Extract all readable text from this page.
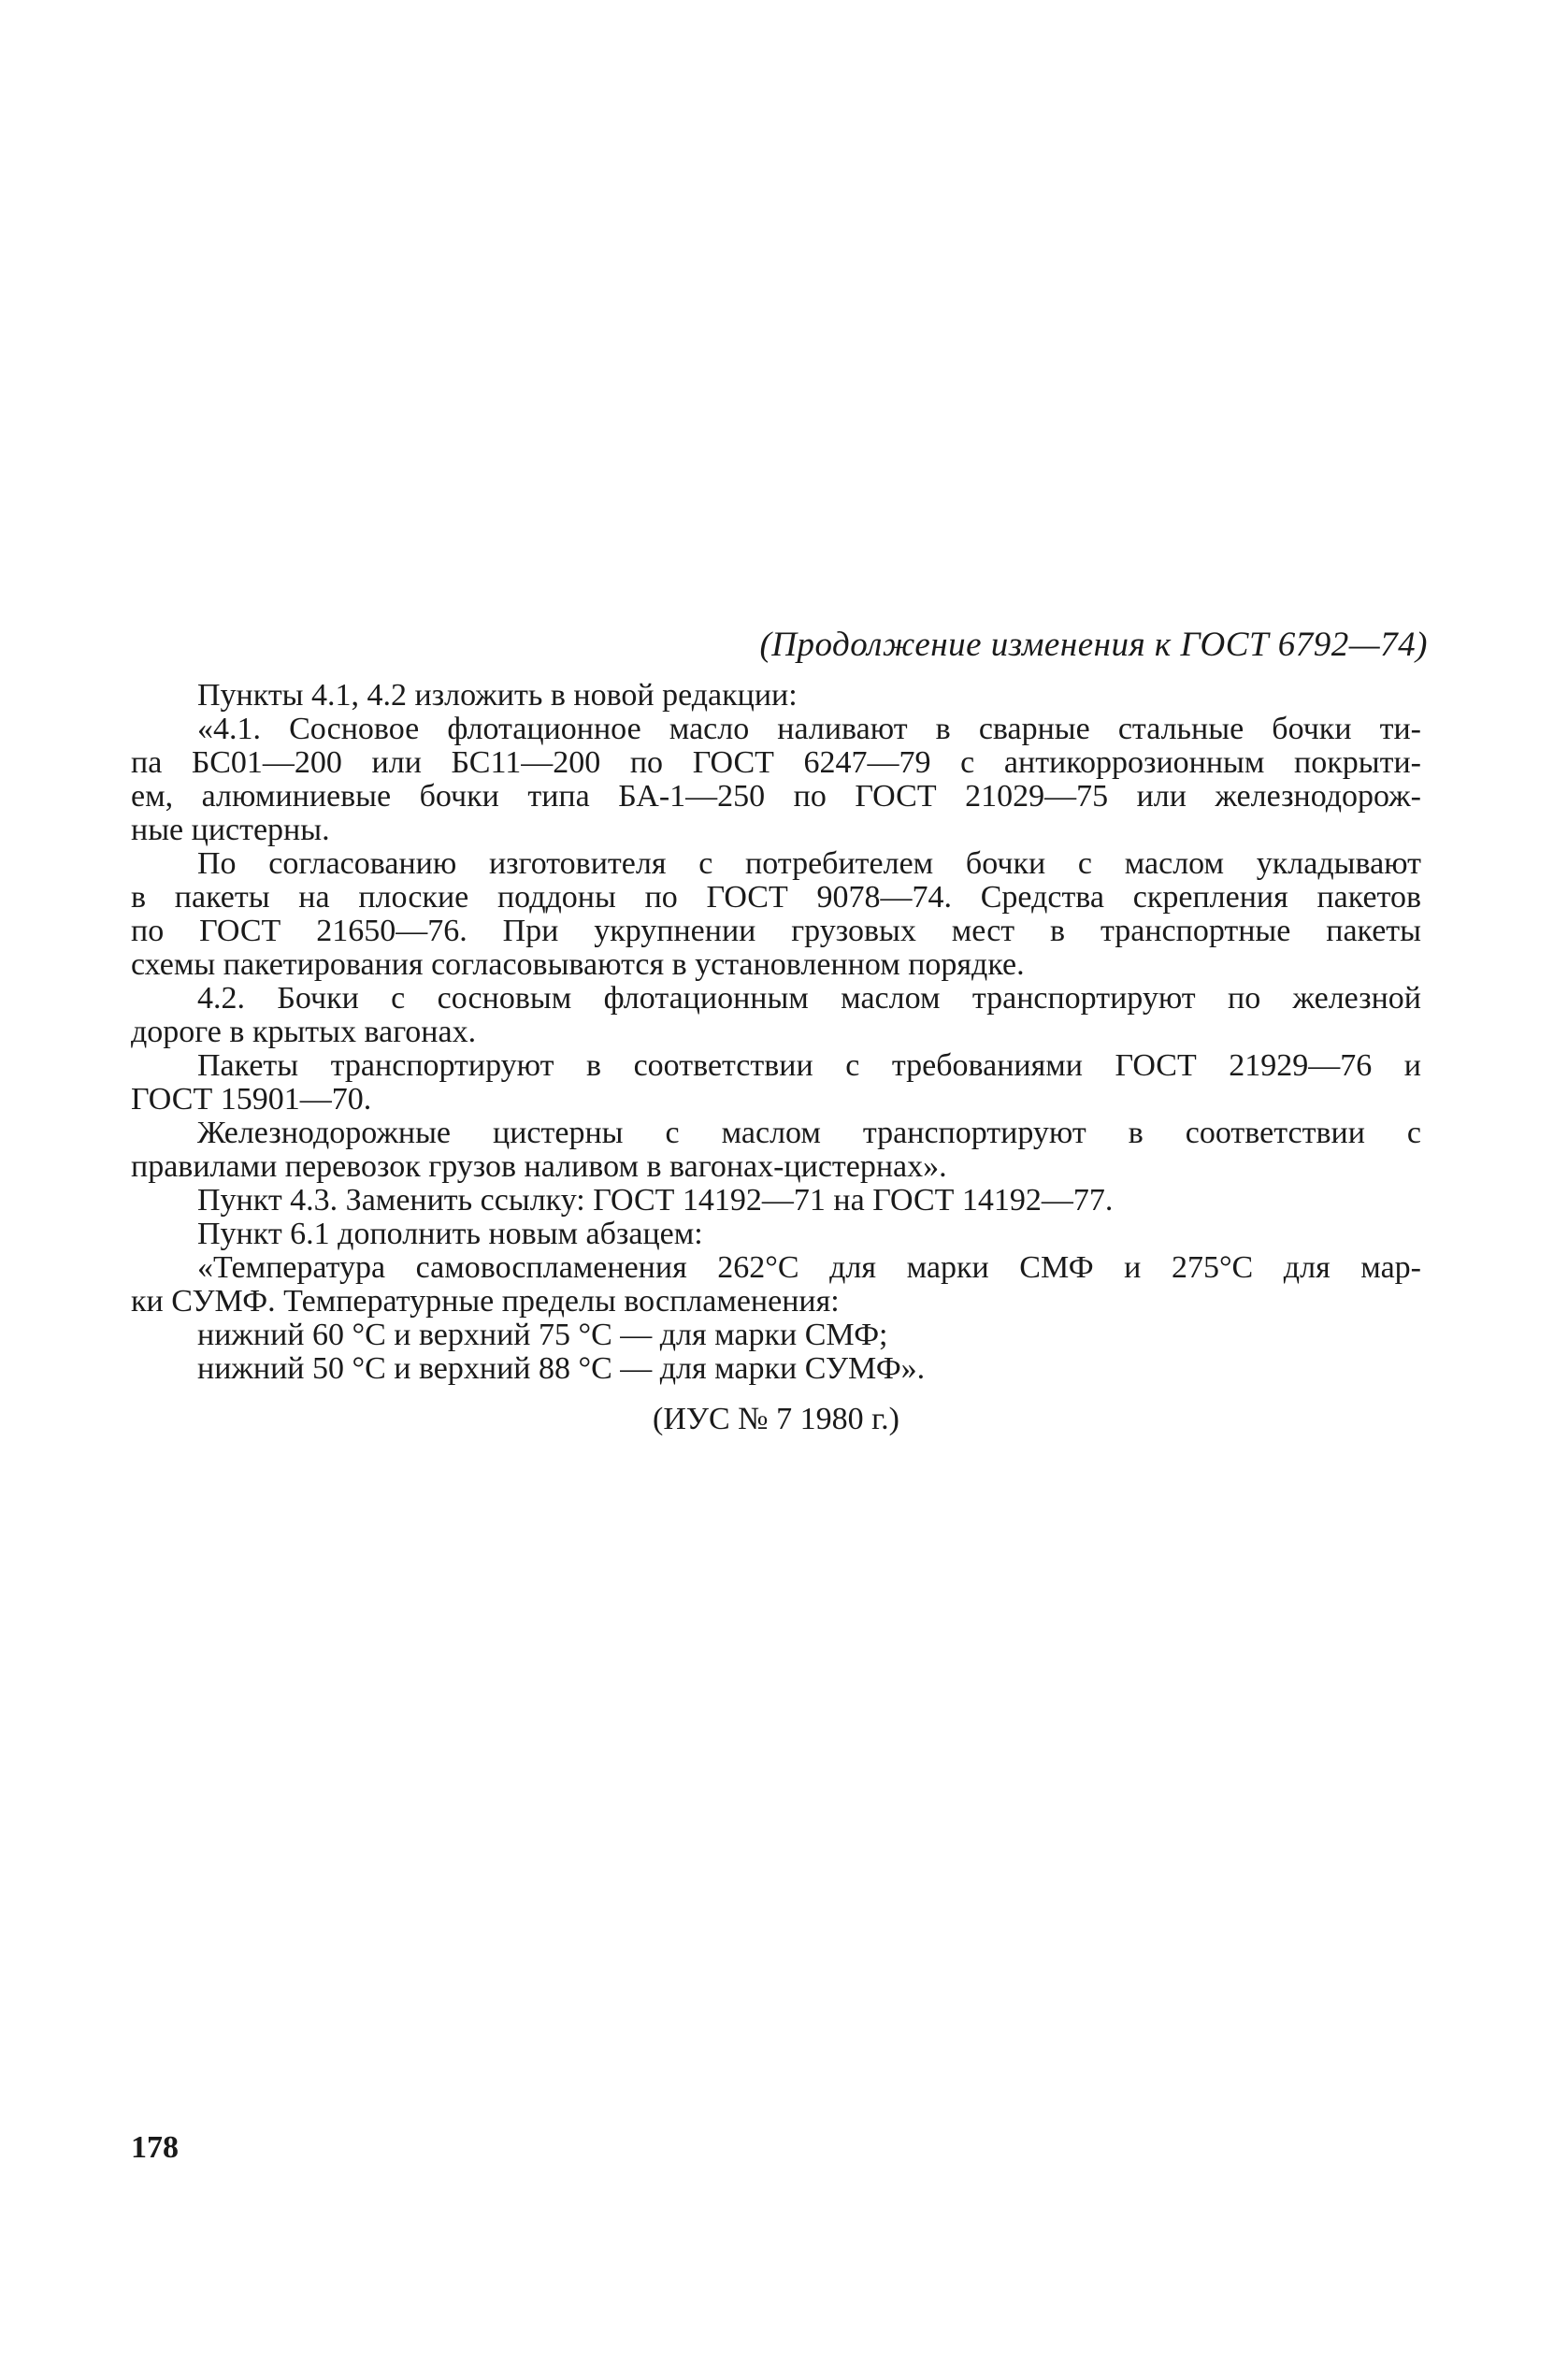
(Продолжение изменения к ГОСТ 6792—74)
Пункты 4.1, 4.2 изложить в новой редакции:
«4.1. Сосновое флотационное масло наливают в сварные стальные бочки ти-
па БС01—200 или БС11—200 по ГОСТ 6247—79 с антикоррозионным покрыти-
ем, алюминиевые бочки типа БА-1—250 по ГОСТ 21029—75 или железнодорож-
ные цистерны.
По согласованию изготовителя с потребителем бочки с маслом укладывают
в пакеты на плоские поддоны по ГОСТ 9078—74. Средства скрепления пакетов
по ГОСТ 21650—76. При укрупнении грузовых мест в транспортные пакеты
схемы пакетирования согласовываются в установленном порядке.
4.2. Бочки с сосновым флотационным маслом транспортируют по железной
дороге в крытых вагонах.
Пакеты транспортируют в соответствии с требованиями ГОСТ 21929—76 и
ГОСТ 15901—70.
Железнодорожные цистерны с маслом транспортируют в соответствии с
правилами перевозок грузов наливом в вагонах-цистернах».
Пункт 4.3. Заменить ссылку: ГОСТ 14192—71 на ГОСТ 14192—77.
Пункт 6.1 дополнить новым абзацем:
«Температура самовоспламенения 262°С для марки СМФ и 275°С для мар-
ки СУМФ. Температурные пределы воспламенения:
нижний 60 °С и верхний 75 °С — для марки СМФ;
нижний 50 °С и верхний 88 °С — для марки СУМФ».
(ИУС № 7 1980 г.)
178
